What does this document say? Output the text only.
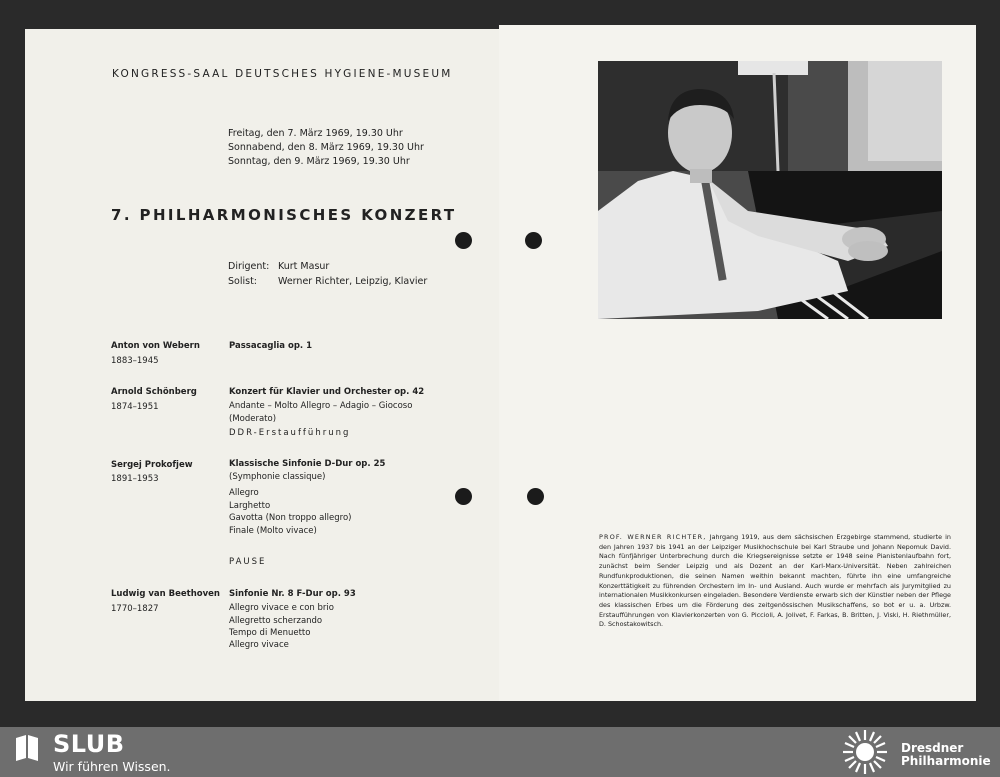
KONGRESS-SAAL DEUTSCHES HYGIENE-MUSEUM
Freitag, den 7. März 1969, 19.30 Uhr
Sonnabend, den 8. März 1969, 19.30 Uhr
Sonntag, den 9. März 1969, 19.30 Uhr
7. PHILHARMONISCHES KONZERT
Dirigent: Kurt Masur
Solist: Werner Richter, Leipzig, Klavier
Anton von Webern
1883–1945
Passacaglia op. 1
Arnold Schönberg
1874–1951
Konzert für Klavier und Orchester op. 42
Andante – Molto Allegro – Adagio – Giocoso
(Moderato)
DDR-Erstaufführung
Sergej Prokofjew
1891–1953
Klassische Sinfonie D-Dur op. 25
(Symphonie classique)
Allegro
Larghetto
Gavotta (Non troppo allegro)
Finale (Molto vivace)
PAUSE
Ludwig van Beethoven
1770–1827
Sinfonie Nr. 8 F-Dur op. 93
Allegro vivace e con brio
Allegretto scherzando
Tempo di Menuetto
Allegro vivace
PROF. WERNER RICHTER, Jahrgang 1919, aus dem sächsischen Erzgebirge stammend, studierte in den Jahren 1937 bis 1941 an der Leipziger Musikhochschule bei Karl Straube und Johann Nepomuk David. Nach fünfjähriger Unterbrechung durch die Kriegsereignisse setzte er 1948 seine Pianistenlaufbahn fort, zunächst beim Sender Leipzig und als Dozent an der Karl-Marx-Universität. Neben zahlreichen Rundfunkproduktionen, die seinen Namen weithin bekannt machten, führte ihn eine umfangreiche Konzerttätigkeit zu führenden Orchestern im In- und Ausland. Auch wurde er mehrfach als Jurymitglied zu internationalen Musikkonkursen eingeladen. Besondere Verdienste erwarb sich der Künstler neben der Pflege des klassischen Erbes um die Förderung des zeitgenössischen Musikschaffens, so bot er u. a. Urbzw. Erstaufführungen von Klavierkonzerten von G. Piccioli, A. Jolivet, F. Farkas, B. Britten, J. Viski, H. Riethmüller, D. Schostakowitsch.
SLUB
Wir führen Wissen.
Dresdner
Philharmonie
